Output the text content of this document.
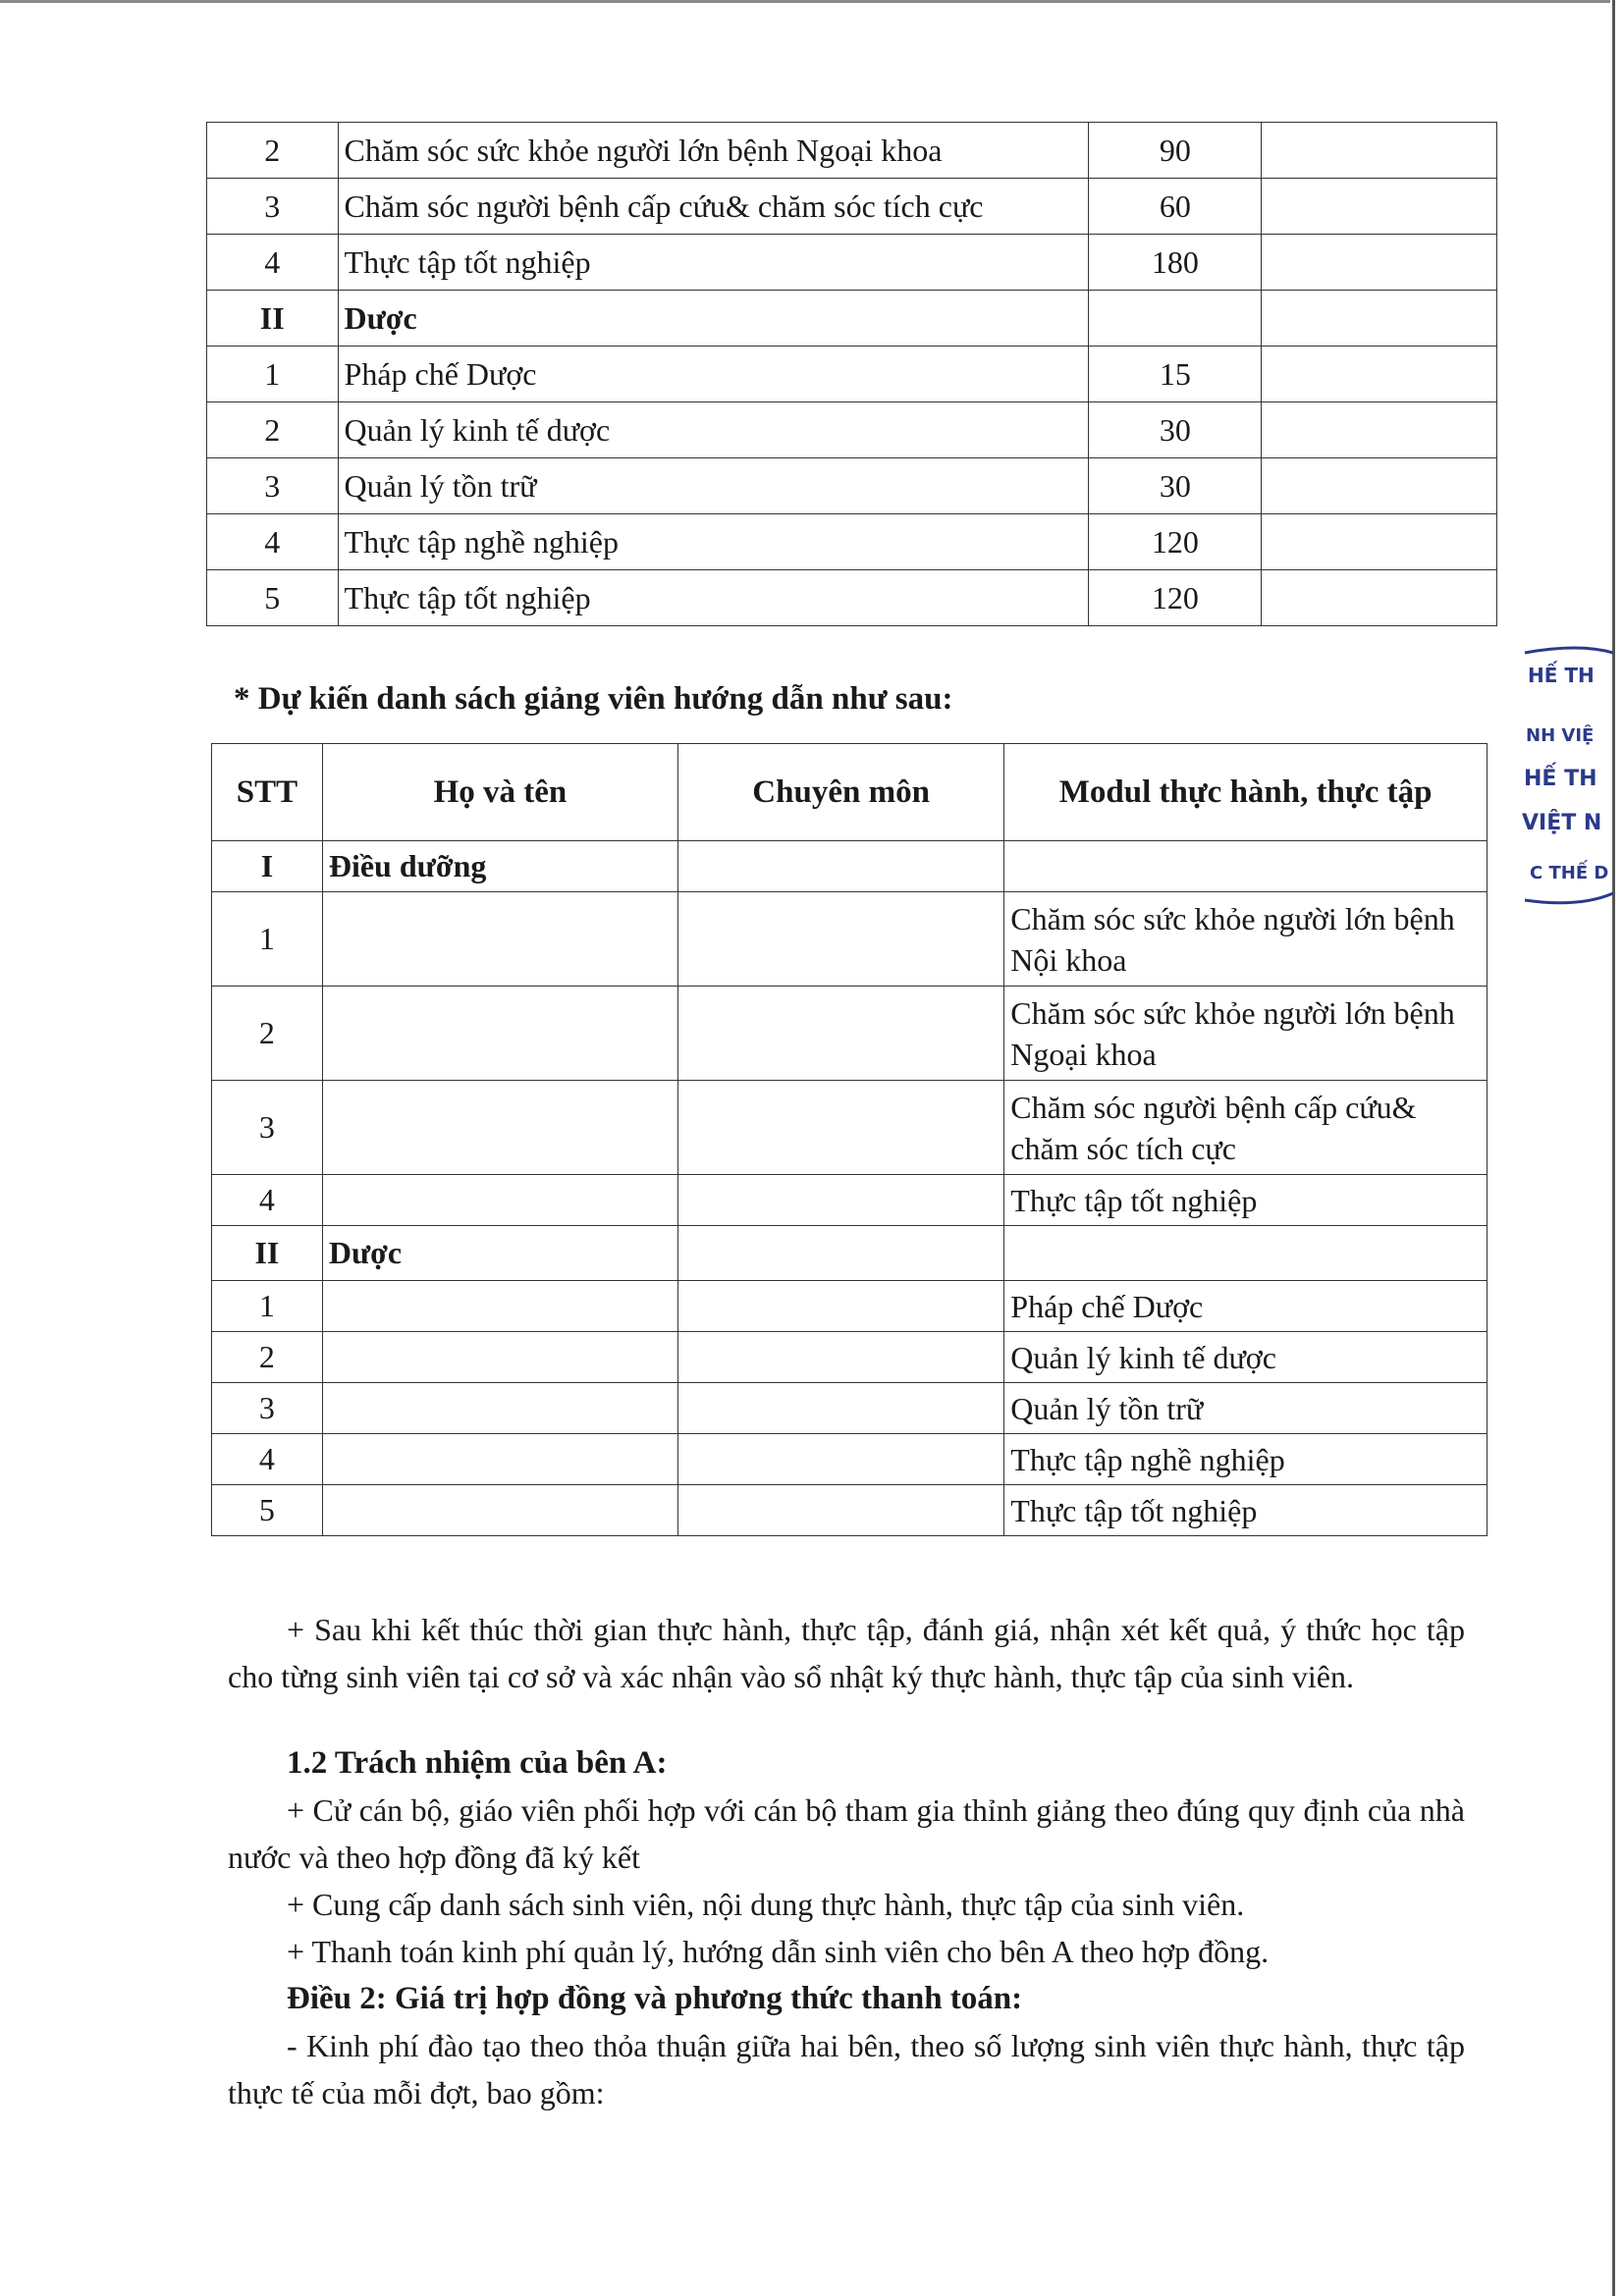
2	Chăm sóc sức khỏe người lớn bệnh Ngoại khoa	90	
3	Chăm sóc người bệnh cấp cứu& chăm sóc tích cực	60	
4	Thực tập tốt nghiệp	180	
II	Dược		
1	Pháp chế Dược	15	
2	Quản lý kinh tế dược	30	
3	Quản lý tồn trữ	30	
4	Thực tập nghề nghiệp	120	
5	Thực tập tốt nghiệp	120	
* Dự kiến danh sách giảng viên hướng dẫn như sau:
STT	Họ và tên	Chuyên môn	Modul thực hành, thực tập
I	Điều dưỡng		
1			Chăm sóc sức khỏe người lớn bệnh Nội khoa
2			Chăm sóc sức khỏe người lớn bệnh Ngoại khoa
3			Chăm sóc người bệnh cấp cứu& chăm sóc tích cực
4			Thực tập tốt nghiệp
II	Dược		
1			Pháp chế Dược
2			Quản lý kinh tế dược
3			Quản lý tồn trữ
4			Thực tập nghề nghiệp
5			Thực tập tốt nghiệp

+ Sau khi kết thúc thời gian thực hành, thực tập, đánh giá, nhận xét kết quả, ý thức học tập cho từng sinh viên tại cơ sở và xác nhận vào sổ nhật ký thực hành, thực tập của sinh viên.

1.2 Trách nhiệm của bên A:

+ Cử cán bộ, giáo viên phối hợp với cán bộ tham gia thỉnh giảng theo đúng quy định của nhà nước và theo hợp đồng đã ký kết

+ Cung cấp danh sách sinh viên, nội dung thực hành, thực tập của sinh viên.

+ Thanh toán kinh phí quản lý, hướng dẫn sinh viên cho bên A theo hợp đồng.

Điều 2: Giá trị hợp đồng và phương thức thanh toán:

- Kinh phí đào tạo theo thỏa thuận giữa hai bên, theo số lượng sinh viên thực hành, thực tập thực tế của mỗi đợt, bao gồm:

HẾ TH
NH VIỆ
HẾ TH
VIỆT N
C THẾ D
